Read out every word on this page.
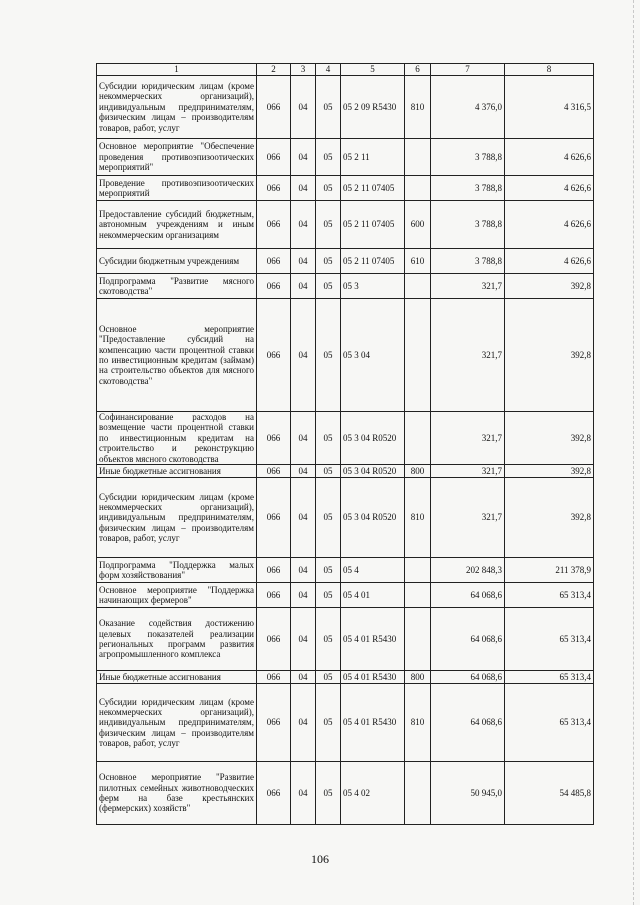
1	2	3	4	5	6	7	8
Субсидии юридическим лицам (кроме некоммерческих организаций), индивидуальным предпринимателям, физическим лицам – производителям товаров, работ, услуг	066	04	05	05 2 09 R5430	810	4 376,0	4 316,5
Основное мероприятие "Обеспечение проведения противоэпизоотических мероприятий"	066	04	05	05 2 11		3 788,8	4 626,6
Проведение противоэпизоотических мероприятий	066	04	05	05 2 11 07405		3 788,8	4 626,6
Предоставление субсидий бюджетным, автономным учреждениям и иным некоммерческим организациям	066	04	05	05 2 11 07405	600	3 788,8	4 626,6
Субсидии бюджетным учреждениям	066	04	05	05 2 11 07405	610	3 788,8	4 626,6
Подпрограмма "Развитие мясного скотоводства"	066	04	05	05 3		321,7	392,8
Основное мероприятие "Предоставление субсидий на компенсацию части процентной ставки по инвестиционным кредитам (займам) на строительство объектов для мясного скотоводства"	066	04	05	05 3 04		321,7	392,8
Софинансирование расходов на возмещение части процентной ставки по инвестиционным кредитам на строительство и реконструкцию объектов мясного скотоводства	066	04	05	05 3 04 R0520		321,7	392,8
Иные бюджетные ассигнования	066	04	05	05 3 04 R0520	800	321,7	392,8
Субсидии юридическим лицам (кроме некоммерческих организаций), индивидуальным предпринимателям, физическим лицам – производителям товаров, работ, услуг	066	04	05	05 3 04 R0520	810	321,7	392,8
Подпрограмма "Поддержка малых форм хозяйствования"	066	04	05	05 4		202 848,3	211 378,9
Основное мероприятие "Поддержка начинающих фермеров"	066	04	05	05 4 01		64 068,6	65 313,4
Оказание содействия достижению целевых показателей реализации региональных программ развития агропромышленного комплекса	066	04	05	05 4 01 R5430		64 068,6	65 313,4
Иные бюджетные ассигнования	066	04	05	05 4 01 R5430	800	64 068,6	65 313,4
Субсидии юридическим лицам (кроме некоммерческих организаций), индивидуальным предпринимателям, физическим лицам – производителям товаров, работ, услуг	066	04	05	05 4 01 R5430	810	64 068,6	65 313,4
Основное мероприятие "Развитие пилотных семейных животноводческих ферм на базе крестьянских (фермерских) хозяйств"	066	04	05	05 4 02		50 945,0	54 485,8
106
